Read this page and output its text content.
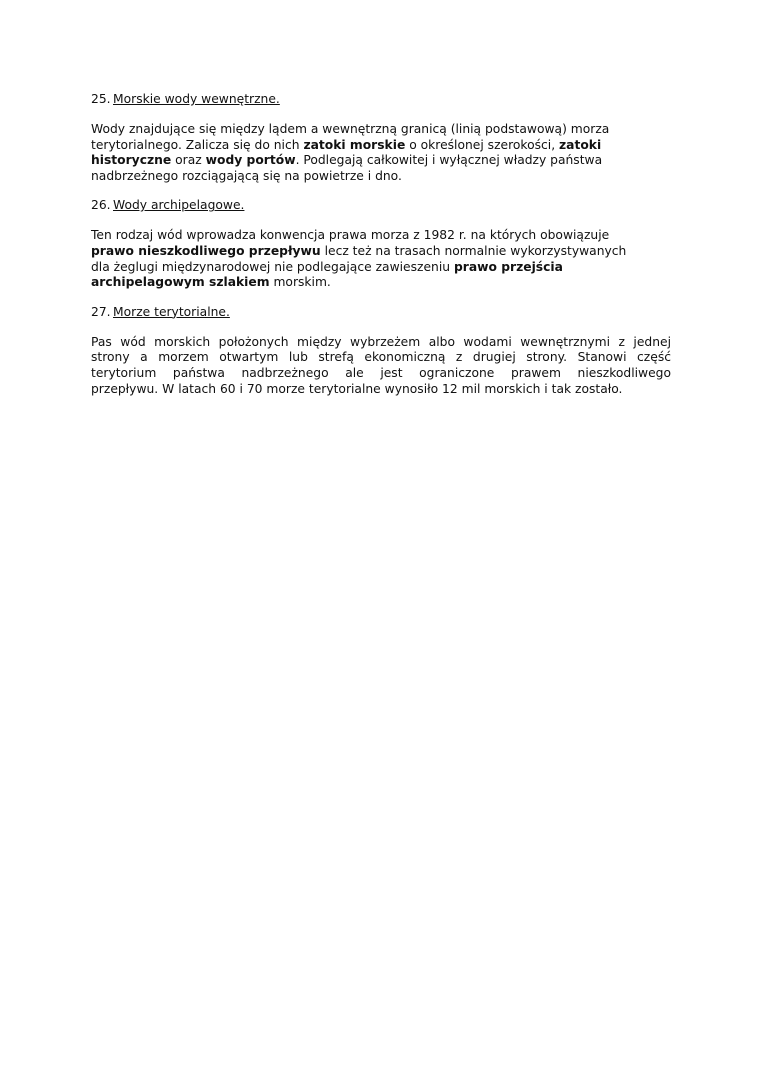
25. Morskie wody wewnętrzne.

Wody znajdujące się między lądem a wewnętrzną granicą (linią podstawową) morza
terytorialnego. Zalicza się do nich zatoki morskie o określonej szerokości, zatoki
historyczne oraz wody portów. Podlegają całkowitej i wyłącznej władzy państwa
nadbrzeżnego rozciągającą się na powietrze i dno.

26. Wody archipelagowe.

Ten rodzaj wód wprowadza konwencja prawa morza z 1982 r. na których obowiązuje
prawo nieszkodliwego przepływu lecz też na trasach normalnie wykorzystywanych
dla żeglugi międzynarodowej nie podlegające zawieszeniu prawo przejścia
archipelagowym szlakiem morskim.

27. Morze terytorialne.

Pas wód morskich położonych między wybrzeżem albo wodami wewnętrznymi z jednej
strony a morzem otwartym lub strefą ekonomiczną z drugiej strony. Stanowi część
terytorium państwa nadbrzeżnego ale jest ograniczone prawem nieszkodliwego
przepływu. W latach 60 i 70 morze terytorialne wynosiło 12 mil morskich i tak zostało.
